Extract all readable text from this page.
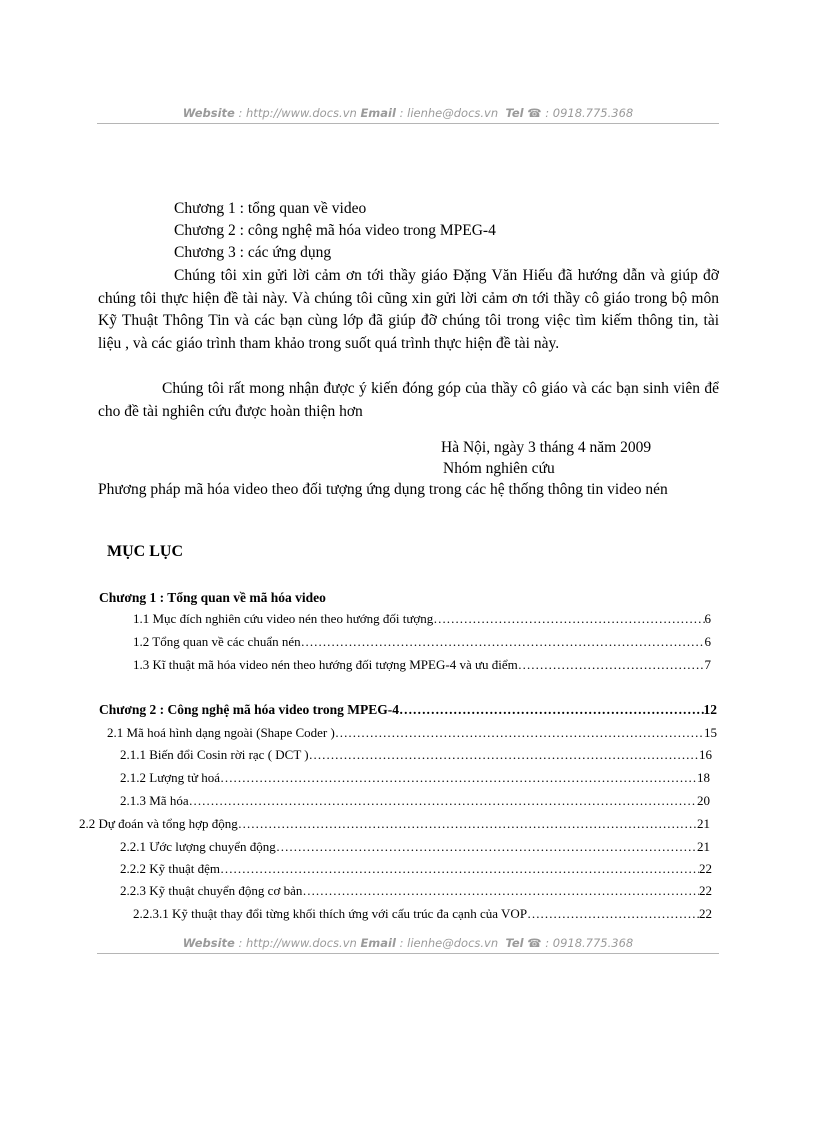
Website : http://www.docs.vn Email : lienhe@docs.vn Tel ☎ : 0918.775.368
Chương 1 : tổng quan về video
Chương 2 : công nghệ mã hóa video trong MPEG-4
Chương 3 : các ứng dụng
Chúng tôi xin gửi lời cảm ơn tới thầy giáo Đặng Văn Hiếu đã hướng dẫn và giúp đỡ chúng tôi thực hiện đề tài này. Và chúng tôi cũng xin gửi lời cảm ơn tới thầy cô giáo trong bộ môn Kỹ Thuật Thông Tin và các bạn cùng lớp đã giúp đỡ chúng tôi trong việc tìm kiếm thông tin, tài liệu , và các giáo trình tham khảo trong suốt quá trình thực hiện đề tài này.
Chúng tôi rất mong nhận được ý kiến đóng góp của thầy cô giáo và các bạn sinh viên để cho đề tài nghiên cứu được hoàn thiện hơn
Hà Nội, ngày 3 tháng 4 năm 2009
Nhóm nghiên cứu
Phương pháp mã hóa video theo đối tượng ứng dụng trong các hệ thống thông tin video nén
MỤC LỤC
Chương 1 : Tổng quan về mã hóa video
1.1 Mục đích nghiên cứu video nén theo hướng đối tượng ……………………………………………………………………………………………………………………………………………………………………………………………	6
1.2 Tổng quan về các chuẩn nén ……………………………………………………………………………………………………………………………………………………………………………………………	6
1.3 Kĩ thuật mã hóa video nén theo hướng đối tượng MPEG-4 và ưu điểm ……………………………………………………………………………………………………………………………………………………………………………………………	7
Chương 2 : Công nghệ mã hóa video trong MPEG-4 ……………………………………………………………………………………………………………………………………………………………………………………………	12
2.1 Mã hoá hình dạng ngoài (Shape Coder ) ……………………………………………………………………………………………………………………………………………………………………………………………	15
2.1.1 Biến đổi Cosin rời rạc ( DCT ) ……………………………………………………………………………………………………………………………………………………………………………………………	16
2.1.2 Lượng tử hoá ……………………………………………………………………………………………………………………………………………………………………………………………	18
2.1.3 Mã hóa ……………………………………………………………………………………………………………………………………………………………………………………………	20
2.2 Dự đoán và tổng hợp động ……………………………………………………………………………………………………………………………………………………………………………………………	21
2.2.1 Ước lượng chuyển động ……………………………………………………………………………………………………………………………………………………………………………………………	21
2.2.2 Kỹ thuật đệm ……………………………………………………………………………………………………………………………………………………………………………………………	22
2.2.3 Kỹ thuật chuyển động cơ bản ……………………………………………………………………………………………………………………………………………………………………………………………	22
2.2.3.1 Kỹ thuật thay đổi từng khối thích ứng với cấu trúc đa cạnh của VOP ……………………………………………………………………………………………………………………………………………………………………………………………	22
Website : http://www.docs.vn Email : lienhe@docs.vn Tel ☎ : 0918.775.368
